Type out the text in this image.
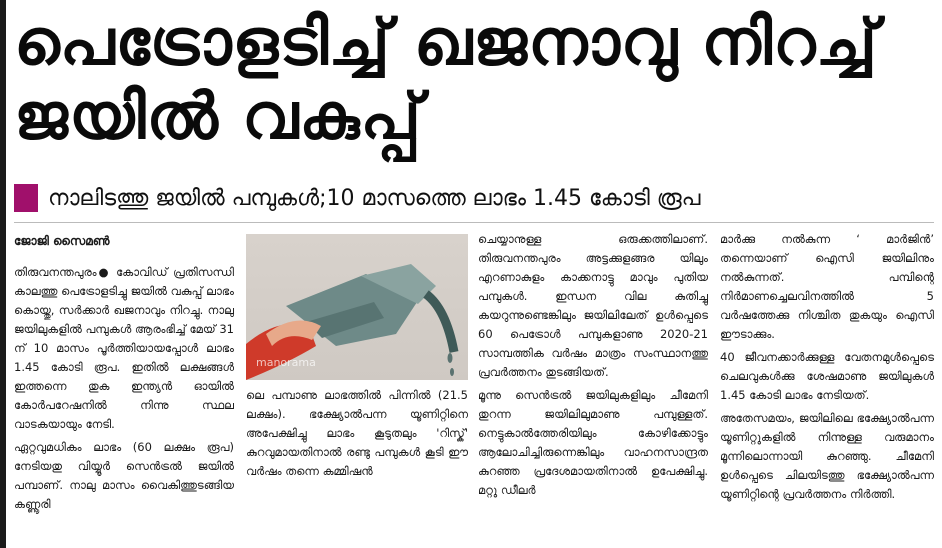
പെട്രോളടിച്ച് ഖജനാവു നിറച്ച് ജയിൽ വകുപ്പ്
നാലിടത്തു ജയിൽ പമ്പുകൾ;10 മാസത്തെ ലാഭം 1.45 കോടി രൂപ

ജോജി സൈമൺ

തിരുവനന്തപുരം● കോവിഡ് പ്രതിസന്ധി കാലത്തു പെട്രോളടിച്ചു ജയിൽ വകുപ്പ് ലാഭം കൊയ്തു, സർക്കാർ ഖജനാവും നിറച്ചു. നാലു ജയിലുകളിൽ പമ്പുകൾ ആരംഭിച്ച് മേയ് 31 ന് 10 മാസം പൂർത്തിയായപ്പോൾ ലാഭം 1.45 കോടി രൂപ. ഇതിൽ ലക്ഷങ്ങൾ ഇത്തന്നെ തുക ഇന്ത്യൻ ഓയിൽ കോർപറേഷനിൽ നിന്നു സ്ഥല വാടകയായും നേടി.

ഏറ്റവുമധികം ലാഭം (60 ലക്ഷം രൂപ) നേടിയതു വിയ്യൂർ സെൻട്രൽ ജയിൽ പമ്പാണ്. നാലു മാസം വൈകിത്തുടങ്ങിയ കണ്ണൂരി

manorama

ലെ പമ്പാണു ലാഭത്തിൽ പിന്നിൽ (21.5 ലക്ഷം). ഭക്ഷ്യോൽപന്ന യൂണിറ്റിനെ അപേക്ഷിച്ചു ലാഭം കൂടുതലും 'റിസ്ക്' കുറവുമായതിനാൽ രണ്ടു പമ്പുകൾ കൂടി ഈ വർഷം തന്നെ കമ്മിഷൻ

ചെയ്യാനുള്ള ഒരുക്കത്തിലാണ്. തിരുവനന്തപുരം അട്ടക്കുളങ്ങര യിലും എറണാകുളം കാക്കനാട്ടു മാവും പുതിയ പമ്പുകൾ. ഇന്ധന വില കുതിച്ചു കയറുന്നുണ്ടെങ്കിലും ജയിലിലേത് ഉൾപ്പെടെ 60 പെട്രോൾ പമ്പുകളാണു 2020-21 സാമ്പത്തിക വർഷം മാത്രം സംസ്ഥാനത്തു പ്രവർത്തനം തുടങ്ങിയത്.

മൂന്നു സെൻട്രൽ ജയിലുകളിലും ചീമേനി തുറന്ന ജയിലിലുമാണു പമ്പുള്ളത്. നെട്ടുകാൽത്തേരിയിലും കോഴിക്കോട്ടും ആലോചിച്ചിരുന്നെങ്കിലും വാഹനസാന്ദ്രത കുറഞ്ഞ പ്രദേശമായതിനാൽ ഉപേക്ഷിച്ചു. മറ്റു ഡീലർ

മാർക്കു നൽകുന്ന ‘ മാർജിൻ’ തന്നെയാണ് ഐസി ജയിലിനും നൽകുന്നത്. പമ്പിന്റെ നിർമാണച്ചെലവിനത്തിൽ 5 വർഷത്തേക്കു നിശ്ചിത തുകയും ഐസി ഈടാക്കും.

40 ജീവനക്കാർക്കുള്ള വേതനമുൾപ്പെടെ ചെലവുകൾക്കു ശേഷമാണു ജയിലുകൾ 1.45 കോടി ലാഭം നേടിയത്.

അതേസമയം, ജയിലിലെ ഭക്ഷ്യോൽപന്ന യൂണിറ്റുകളിൽ നിന്നുള്ള വരുമാനം മൂന്നിലൊന്നായി കുറഞ്ഞു. ചീമേനി ഉൾപ്പെടെ ചിലയിടത്തു ഭക്ഷ്യോൽപന്ന യൂണിറ്റിന്റെ പ്രവർത്തനം നിർത്തി.
